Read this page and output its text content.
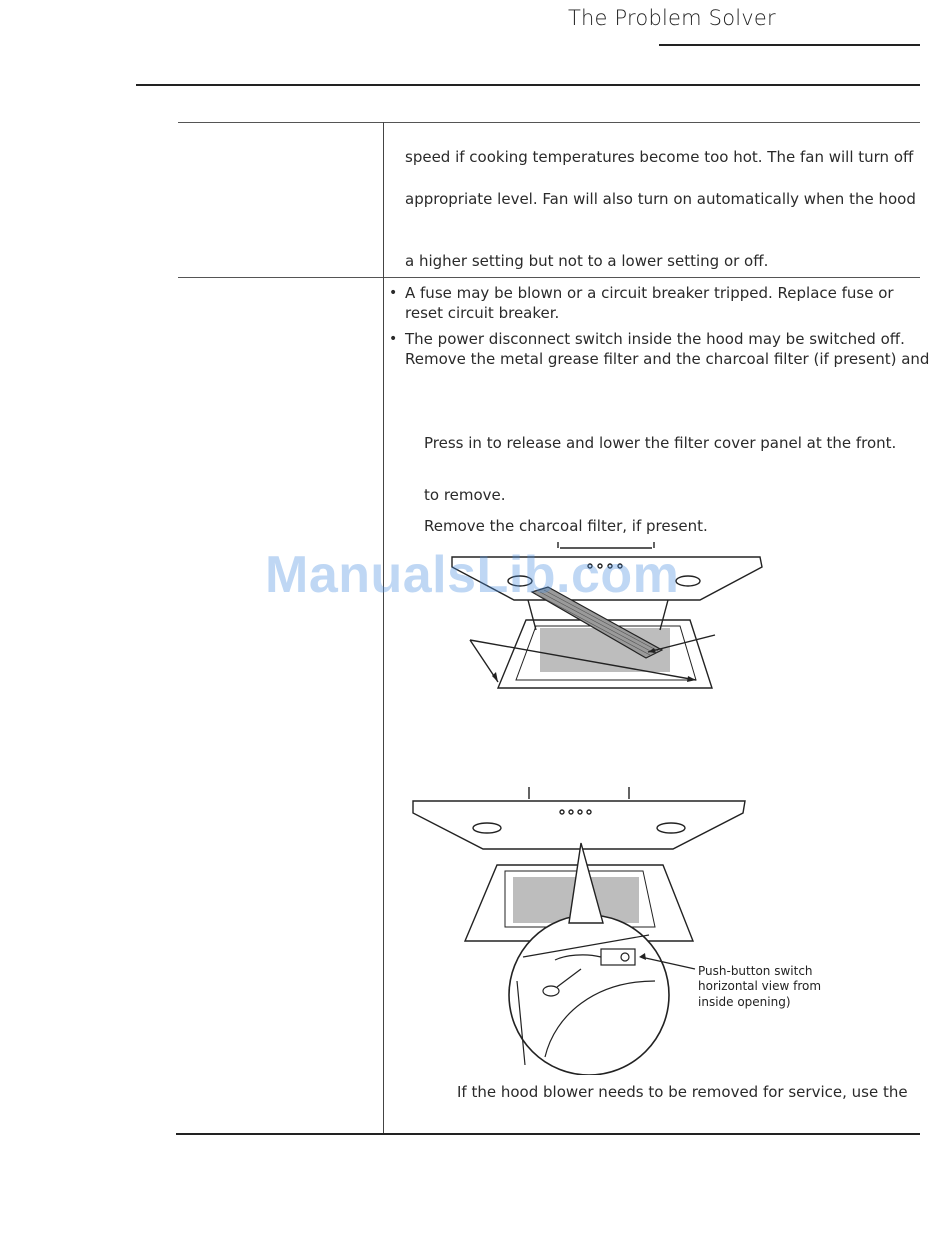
The Problem Solver
speed if cooking temperatures become too hot. The fan will turn off
appropriate level. Fan will also turn on automatically when the hood
a higher setting but not to a lower setting or off.
• A fuse may be blown or a circuit breaker tripped. Replace fuse or
reset circuit breaker.
• The power disconnect switch inside the hood may be switched off.
Remove the metal grease filter and the charcoal filter (if present) and
Press in to release and lower the filter cover panel at the front.
to remove.
Remove the charcoal filter, if present.
Push-button switch
horizontal view from
inside opening)
If the hood blower needs to be removed for service, use the
ManualsLib.com
